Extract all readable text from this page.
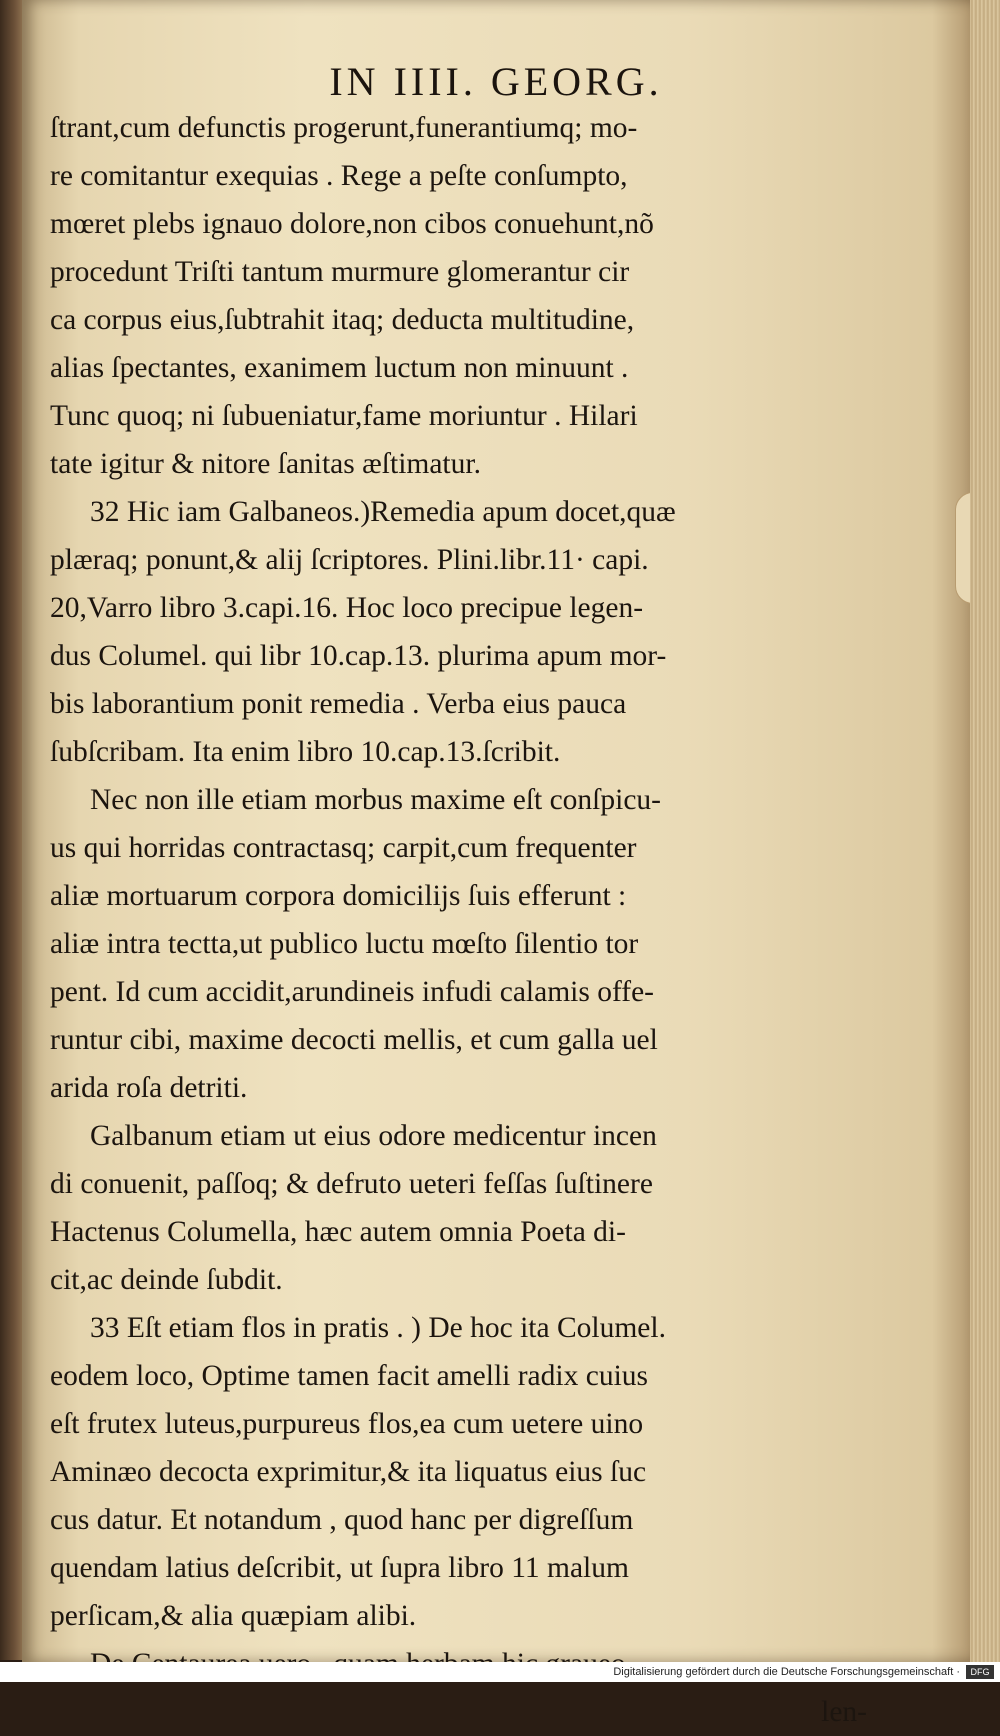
IN IIII. GEORG.
ſtrant,cum defunctis progerunt,funerantiumq; mo-
re comitantur exequias . Rege a peſte conſumpto,
mœret plebs ignauo dolore,non cibos conuehunt,nõ
procedunt Triſti tantum murmure glomerantur cir
ca corpus eius,ſubtrahit itaq; deducta multitudine,
alias ſpectantes, exanimem luctum non minuunt .
Tunc quoq; ni ſubueniatur,fame moriuntur . Hilari
tate igitur & nitore ſanitas æſtimatur.
32 Hic iam Galbaneos.)Remedia apum docet,quæ
plæraq; ponunt,& alij ſcriptores. Plini.libr.11· capi.
20,Varro libro 3.capi.16. Hoc loco precipue legen-
dus Columel. qui libr 10.cap.13. plurima apum mor-
bis laborantium ponit remedia . Verba eius pauca
ſubſcribam. Ita enim libro 10.cap.13.ſcribit.
Nec non ille etiam morbus maxime eſt conſpicu-
us qui horridas contractasq; carpit,cum frequenter
aliæ mortuarum corpora domicilijs ſuis efferunt :
aliæ intra tectta,ut publico luctu mœſto ſilentio tor
pent. Id cum accidit,arundineis infudi calamis offe-
runtur cibi, maxime decocti mellis, et cum galla uel
arida roſa detriti.
Galbanum etiam ut eius odore medicentur incen
di conuenit, paſſoq; & defruto ueteri feſſas ſuſtinere
Hactenus Columella, hæc autem omnia Poeta di-
cit,ac deinde ſubdit.
33 Eſt etiam flos in pratis . ) De hoc ita Columel.
eodem loco, Optime tamen facit amelli radix cuius
eſt frutex luteus,purpureus flos,ea cum uetere uino
Aminæo decocta exprimitur,& ita liquatus eius ſuc
cus datur. Et notandum , quod hanc per digreſſum
quendam latius deſcribit, ut ſupra libro 11 malum
perſicam,& alia quæpiam alibi.
len-
Digitalisierung gefördert durch die Deutsche Forschungsgemeinschaft ·	DFG
